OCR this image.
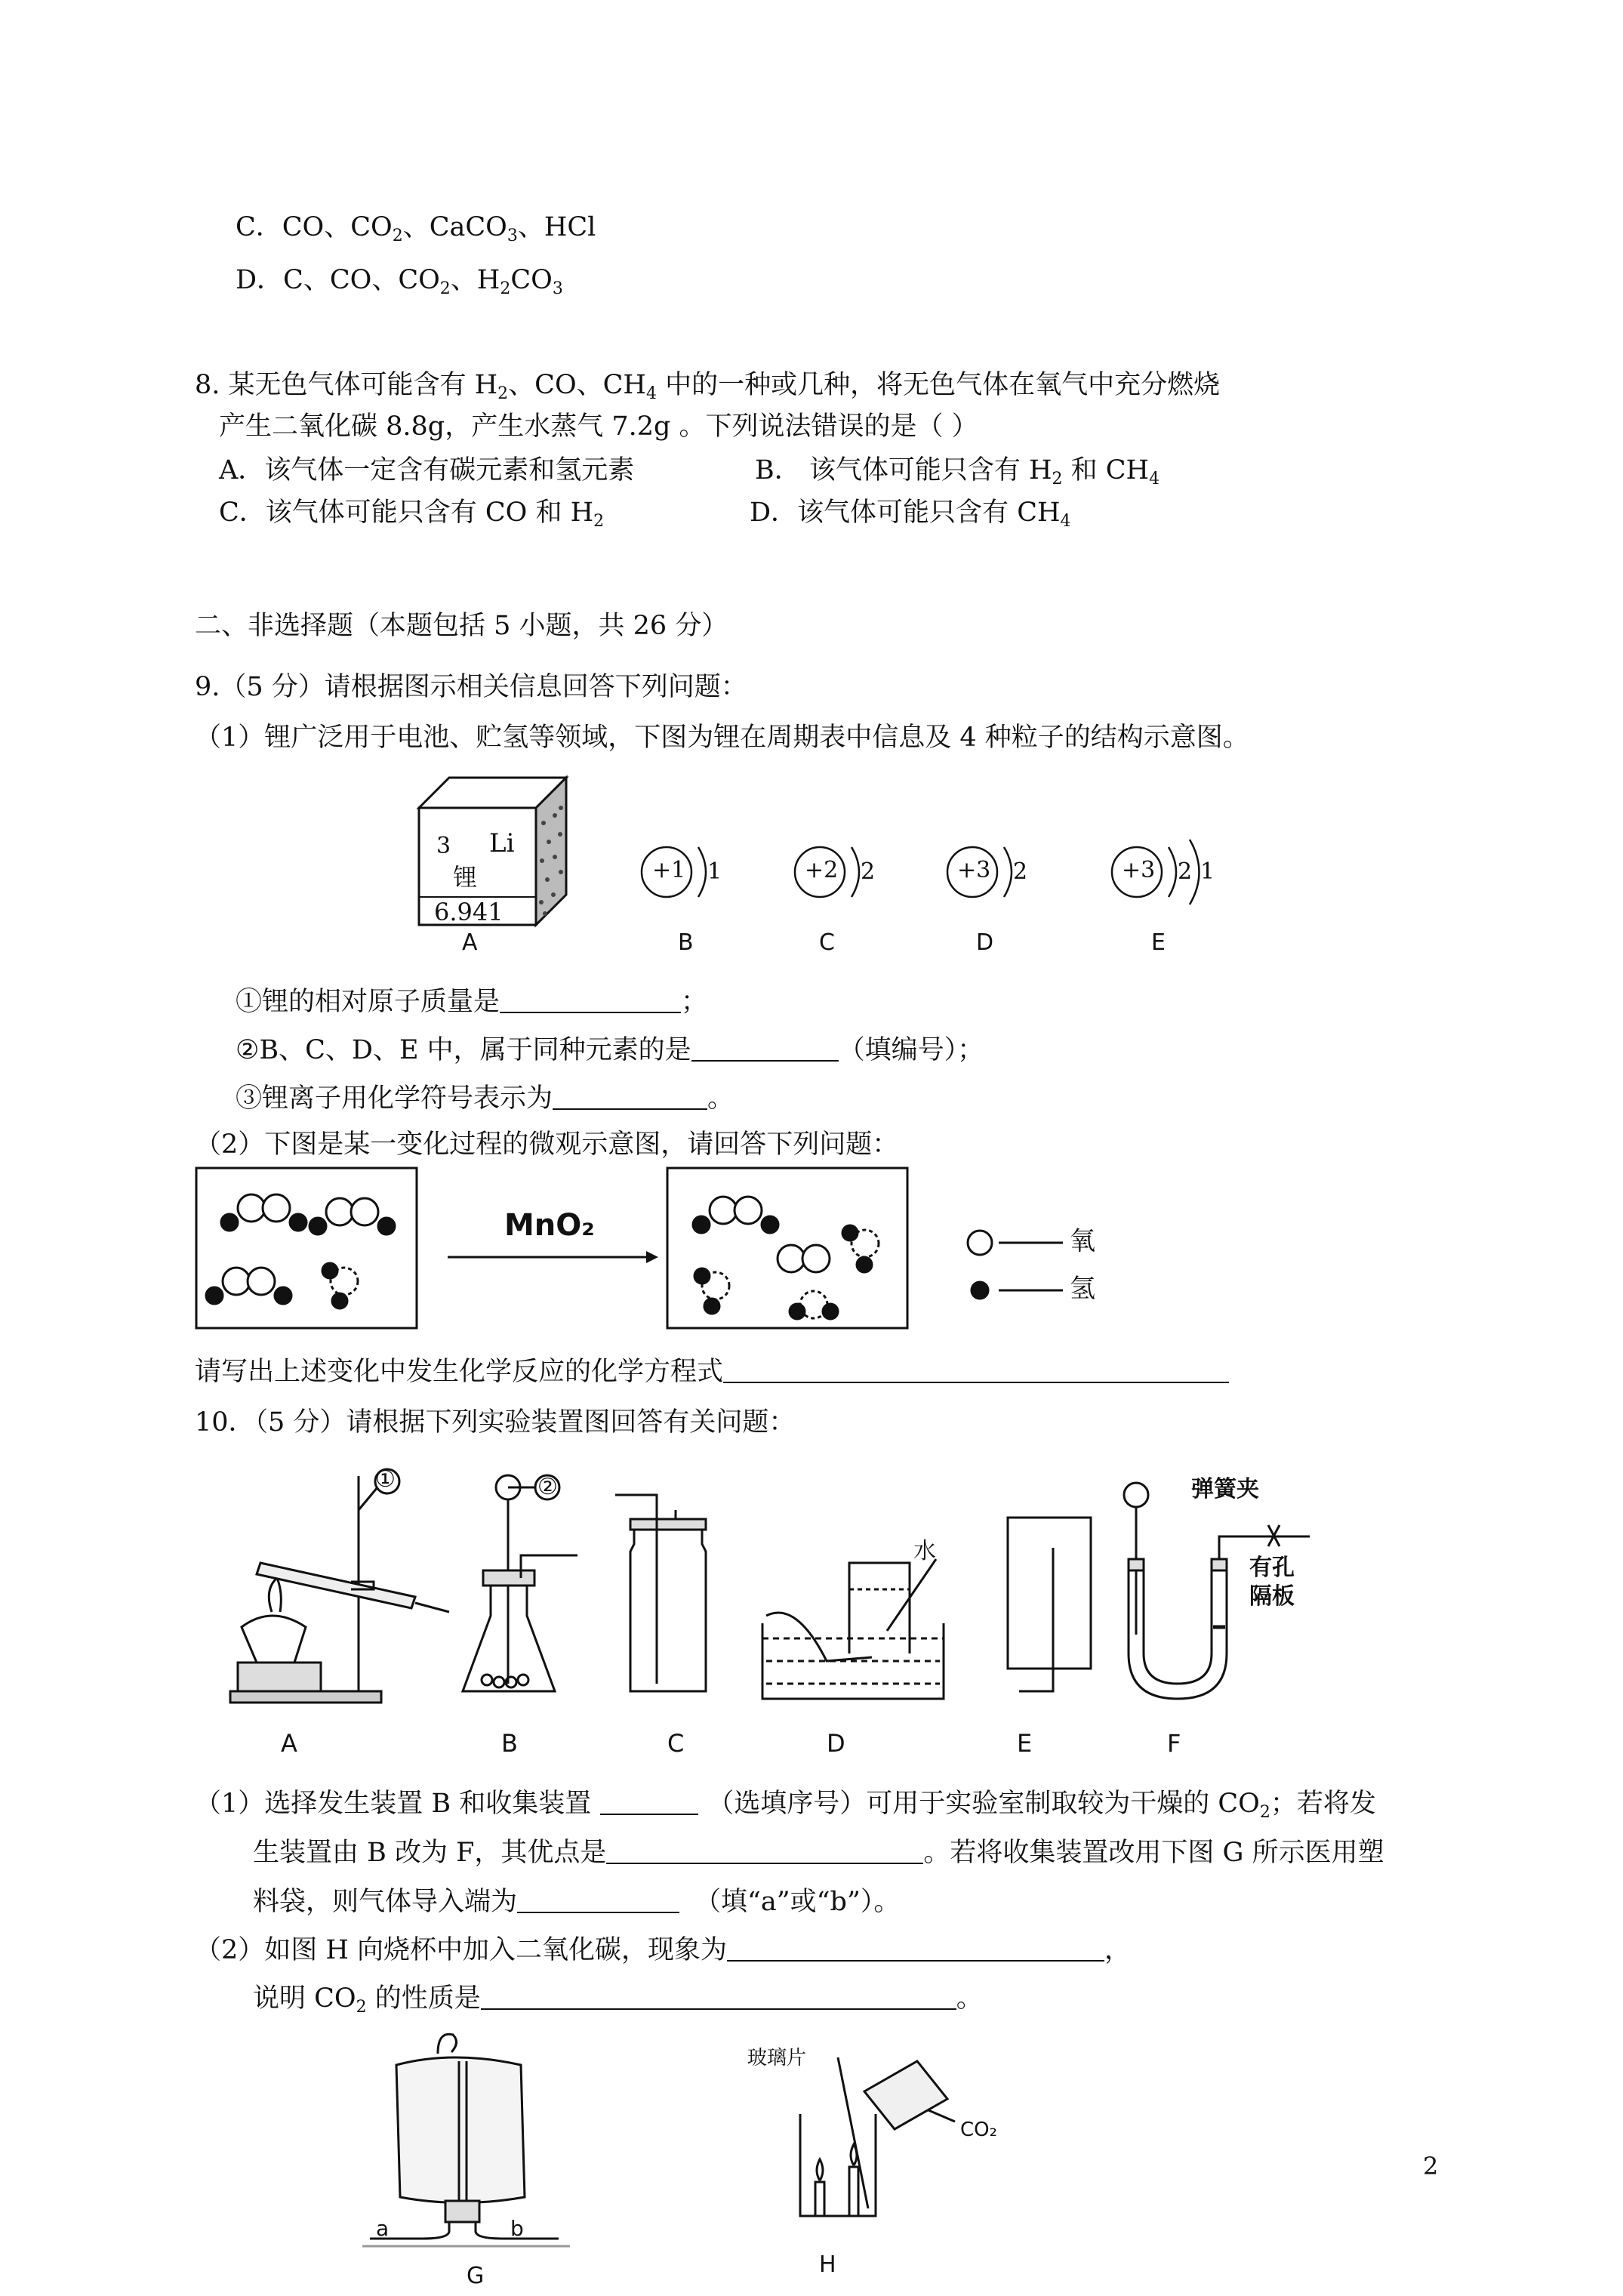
C．CO、$CO_2$、CaCO$_3$、HCl
D．C、CO、$CO_2$、$H_2CO_3$
8. 某无色气体可能含有 $H_2$、CO、$CH_4$ 中的一种或几种，将无色气体在氧气中充分燃烧
产生二氧化碳 8.8g，产生水蒸气 7.2g 。下列说法错误的是（ ）
A．该气体一定含有碳元素和氢元素	B． 该气体可能只含有 $H_2$ 和 $CH_4$
C．该气体可能只含有 CO 和 $H_2$	D．该气体可能只含有 $CH_4$
二、非选择题（本题包括 5 小题，共 26 分）
9.（5 分）请根据图示相关信息回答下列问题：
（1）锂广泛用于电池、贮氢等领域，下图为锂在周期表中信息及 4 种粒子的结构示意图。
3 Li
锂
6.941
+1 1	+2 2	+3 2	+3 2 1
A	B	C	D	E
①锂的相对原子质量是	；
②B、C、D、E 中，属于同种元素的是	（填编号）；
③锂离子用化学符号表示为	。
（2）下图是某一变化过程的微观示意图，请回答下列问题：
MnO₂	氧
氢
请写出上述变化中发生化学反应的化学方程式
10．（5 分）请根据下列实验装置图回答有关问题：
①	②
水
弹簧夹
有孔
隔板
A	B	C	D	E	F
（1）选择发生装置 B 和收集装置	（选填序号）可用于实验室制取较为干燥的 $CO_2$；若将发
生装置由 B 改为 F，其优点是	。若将收集装置改用下图 G 所示医用塑
料袋，则气体导入端为	（填“a”或“b”）。
（2）如图 H 向烧杯中加入二氧化碳，现象为	，
说明 $CO_2$ 的性质是	。
a	b
G
玻璃片
CO₂
H
2
